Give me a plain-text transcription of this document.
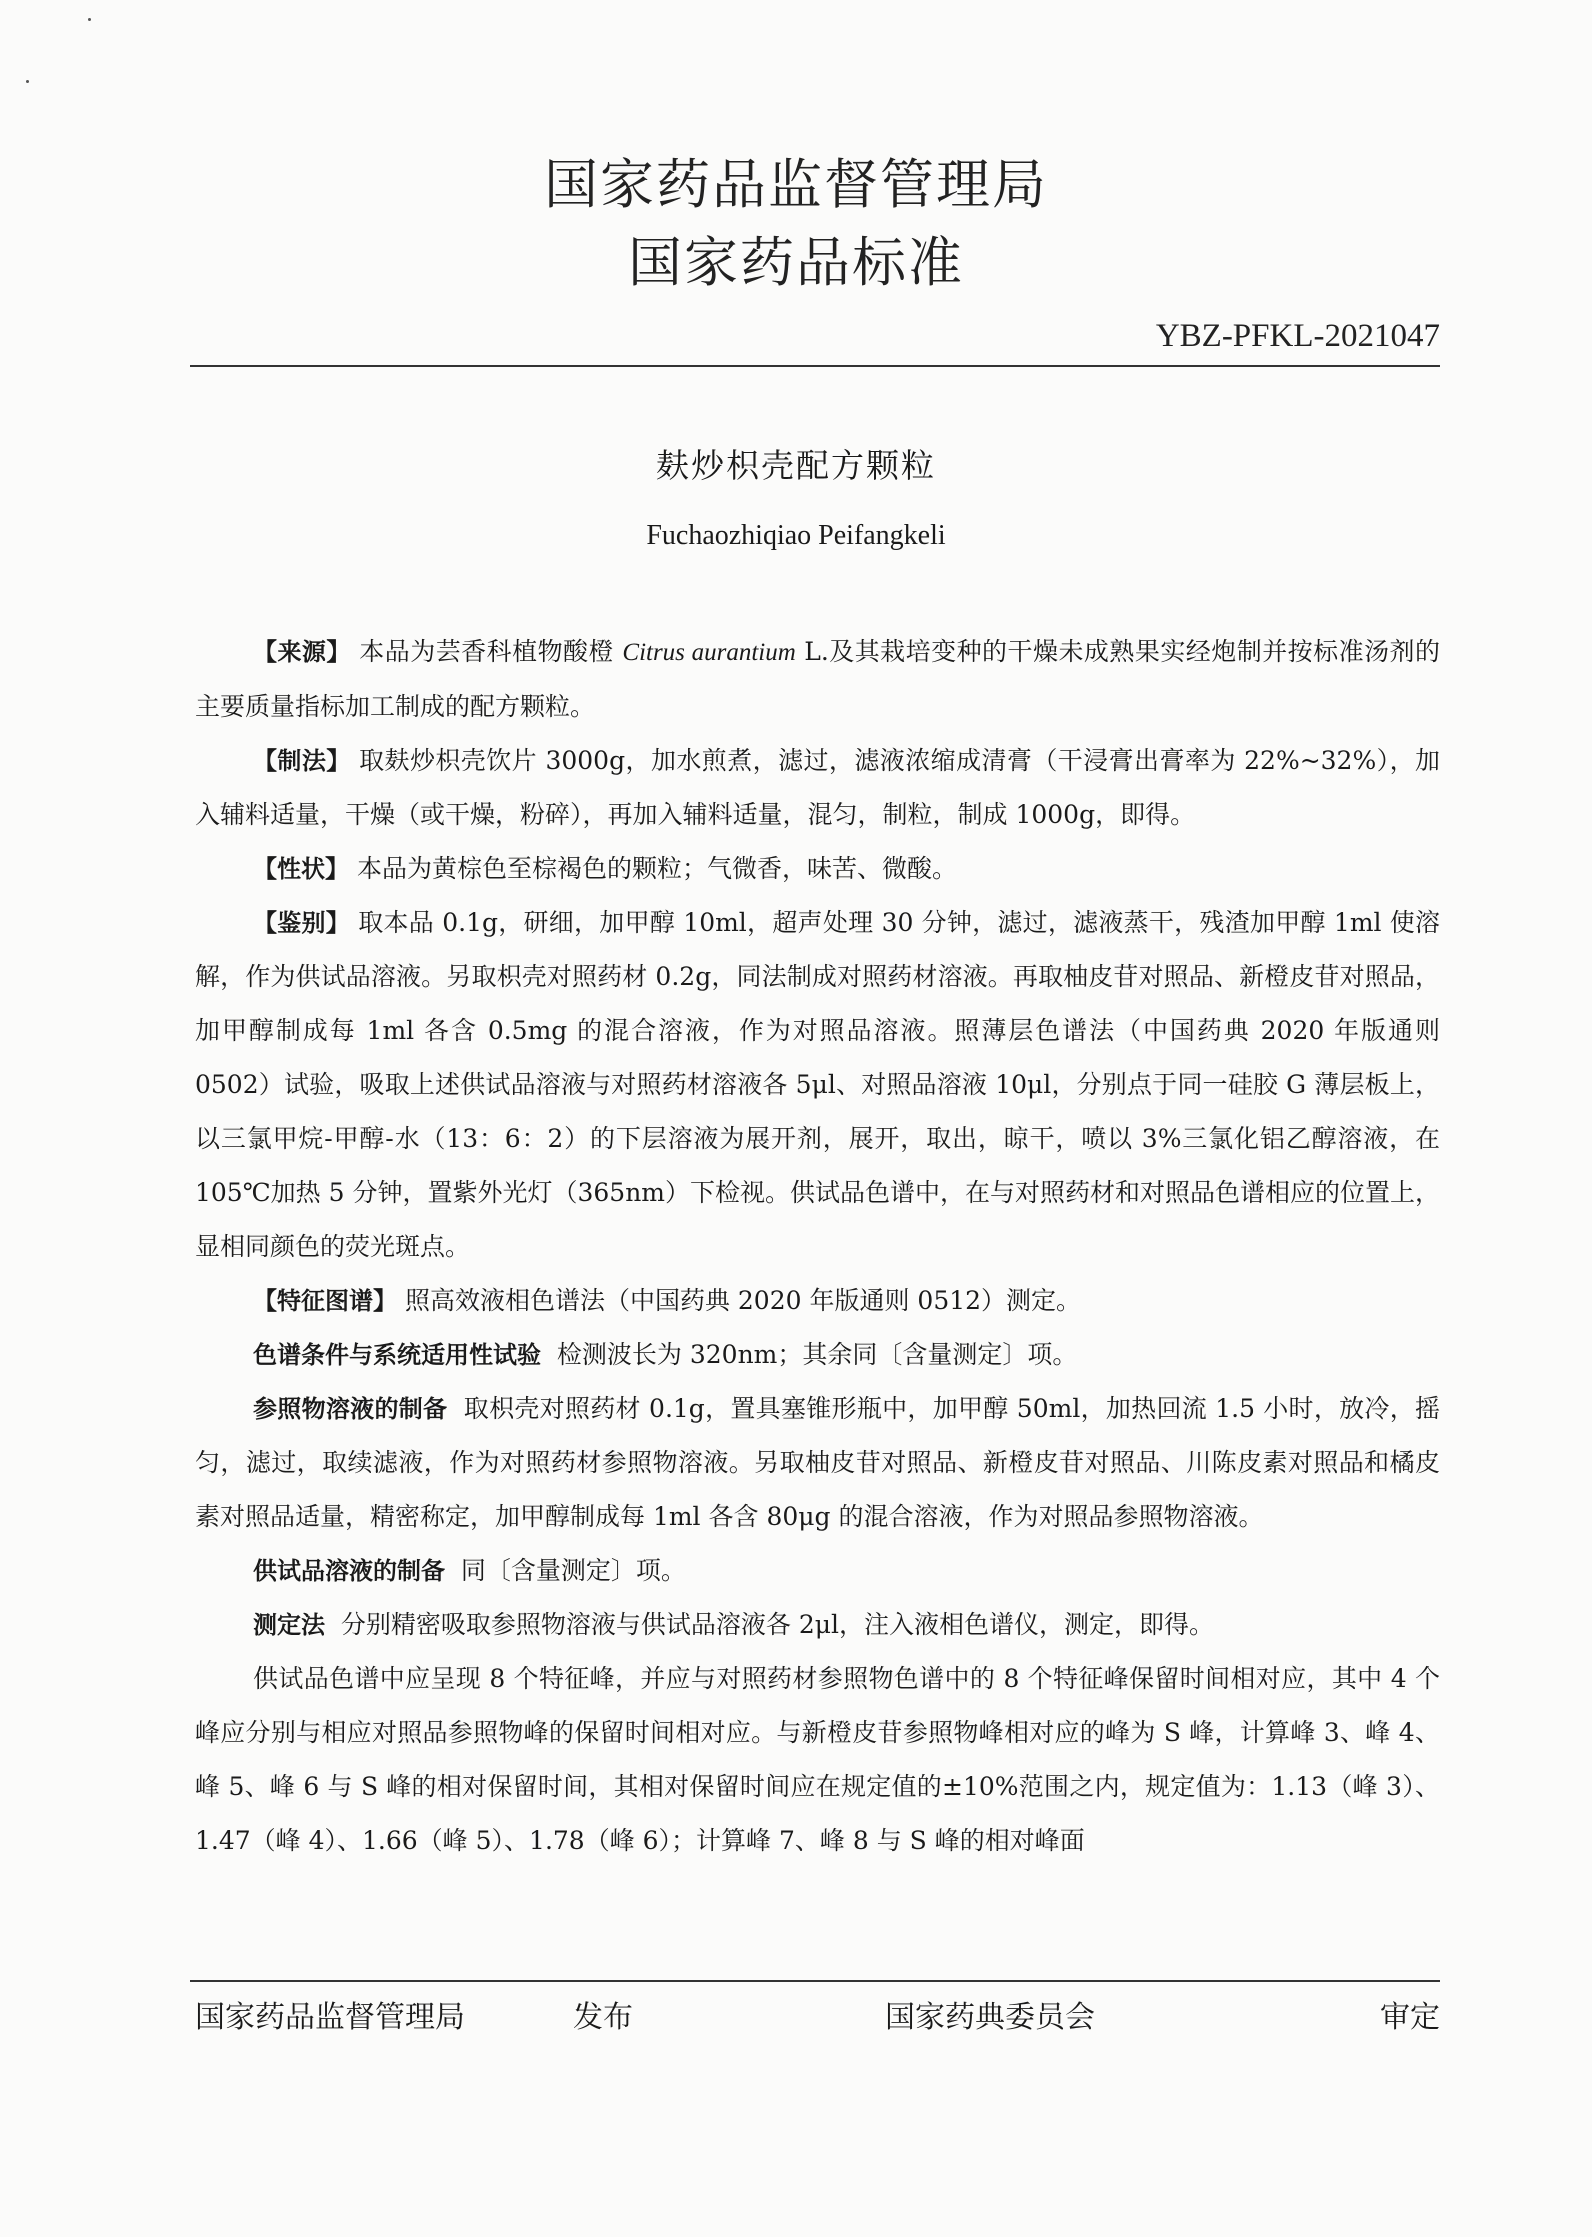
国家药品监督管理局
国家药品标准
YBZ-PFKL-2021047
麸炒枳壳配方颗粒
Fuchaozhiqiao Peifangkeli

【来源】 本品为芸香科植物酸橙 Citrus aurantium L.及其栽培变种的干燥未成熟果实经炮制并按标准汤剂的主要质量指标加工制成的配方颗粒。

【制法】 取麸炒枳壳饮片 3000g，加水煎煮，滤过，滤液浓缩成清膏（干浸膏出膏率为 22%~32%），加入辅料适量，干燥（或干燥，粉碎），再加入辅料适量，混匀，制粒，制成 1000g，即得。

【性状】 本品为黄棕色至棕褐色的颗粒；气微香，味苦、微酸。

【鉴别】 取本品 0.1g，研细，加甲醇 10ml，超声处理 30 分钟，滤过，滤液蒸干，残渣加甲醇 1ml 使溶解，作为供试品溶液。另取枳壳对照药材 0.2g，同法制成对照药材溶液。再取柚皮苷对照品、新橙皮苷对照品，加甲醇制成每 1ml 各含 0.5mg 的混合溶液，作为对照品溶液。照薄层色谱法（中国药典 2020 年版通则 0502）试验，吸取上述供试品溶液与对照药材溶液各 5μl、对照品溶液 10μl，分别点于同一硅胶 G 薄层板上，以三氯甲烷-甲醇-水（13：6：2）的下层溶液为展开剂，展开，取出，晾干，喷以 3%三氯化铝乙醇溶液，在 105℃加热 5 分钟，置紫外光灯（365nm）下检视。供试品色谱中，在与对照药材和对照品色谱相应的位置上，显相同颜色的荧光斑点。

【特征图谱】 照高效液相色谱法（中国药典 2020 年版通则 0512）测定。

色谱条件与系统适用性试验 检测波长为 320nm；其余同〔含量测定〕项。

参照物溶液的制备 取枳壳对照药材 0.1g，置具塞锥形瓶中，加甲醇 50ml，加热回流 1.5 小时，放冷，摇匀，滤过，取续滤液，作为对照药材参照物溶液。另取柚皮苷对照品、新橙皮苷对照品、川陈皮素对照品和橘皮素对照品适量，精密称定，加甲醇制成每 1ml 各含 80μg 的混合溶液，作为对照品参照物溶液。

供试品溶液的制备 同〔含量测定〕项。

测定法 分别精密吸取参照物溶液与供试品溶液各 2μl，注入液相色谱仪，测定，即得。

供试品色谱中应呈现 8 个特征峰，并应与对照药材参照物色谱中的 8 个特征峰保留时间相对应，其中 4 个峰应分别与相应对照品参照物峰的保留时间相对应。与新橙皮苷参照物峰相对应的峰为 S 峰，计算峰 3、峰 4、峰 5、峰 6 与 S 峰的相对保留时间，其相对保留时间应在规定值的±10%范围之内，规定值为：1.13（峰 3）、1.47（峰 4）、1.66（峰 5）、1.78（峰 6）；计算峰 7、峰 8 与 S 峰的相对峰面

国家药品监督管理局	发布	国家药典委员会	审定
